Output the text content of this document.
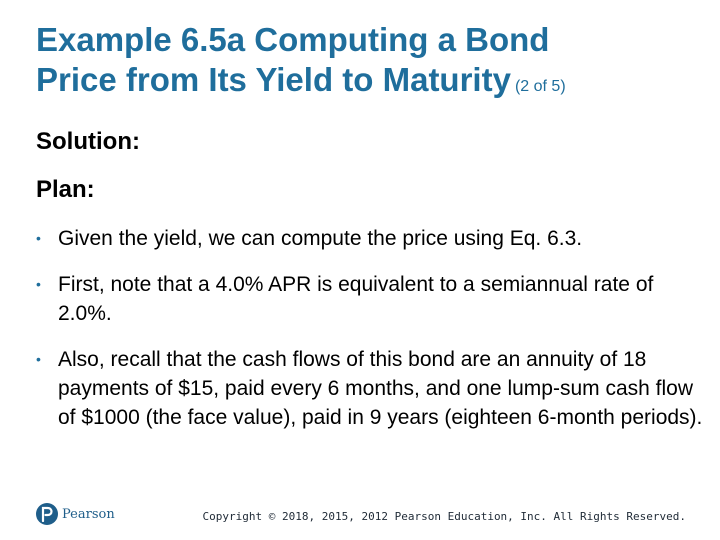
Example 6.5a Computing a Bond
Price from Its Yield to Maturity (2 of 5)
Solution:
Plan:
• Given the yield, we can compute the price using Eq. 6.3.
• First, note that a 4.0% APR is equivalent to a semiannual rate of 2.0%.
• Also, recall that the cash flows of this bond are an annuity of 18 payments of $15, paid every 6 months, and one lump-sum cash flow of $1000 (the face value), paid in 9 years (eighteen 6-month periods).
Pearson	Copyright © 2018, 2015, 2012 Pearson Education, Inc. All Rights Reserved.
